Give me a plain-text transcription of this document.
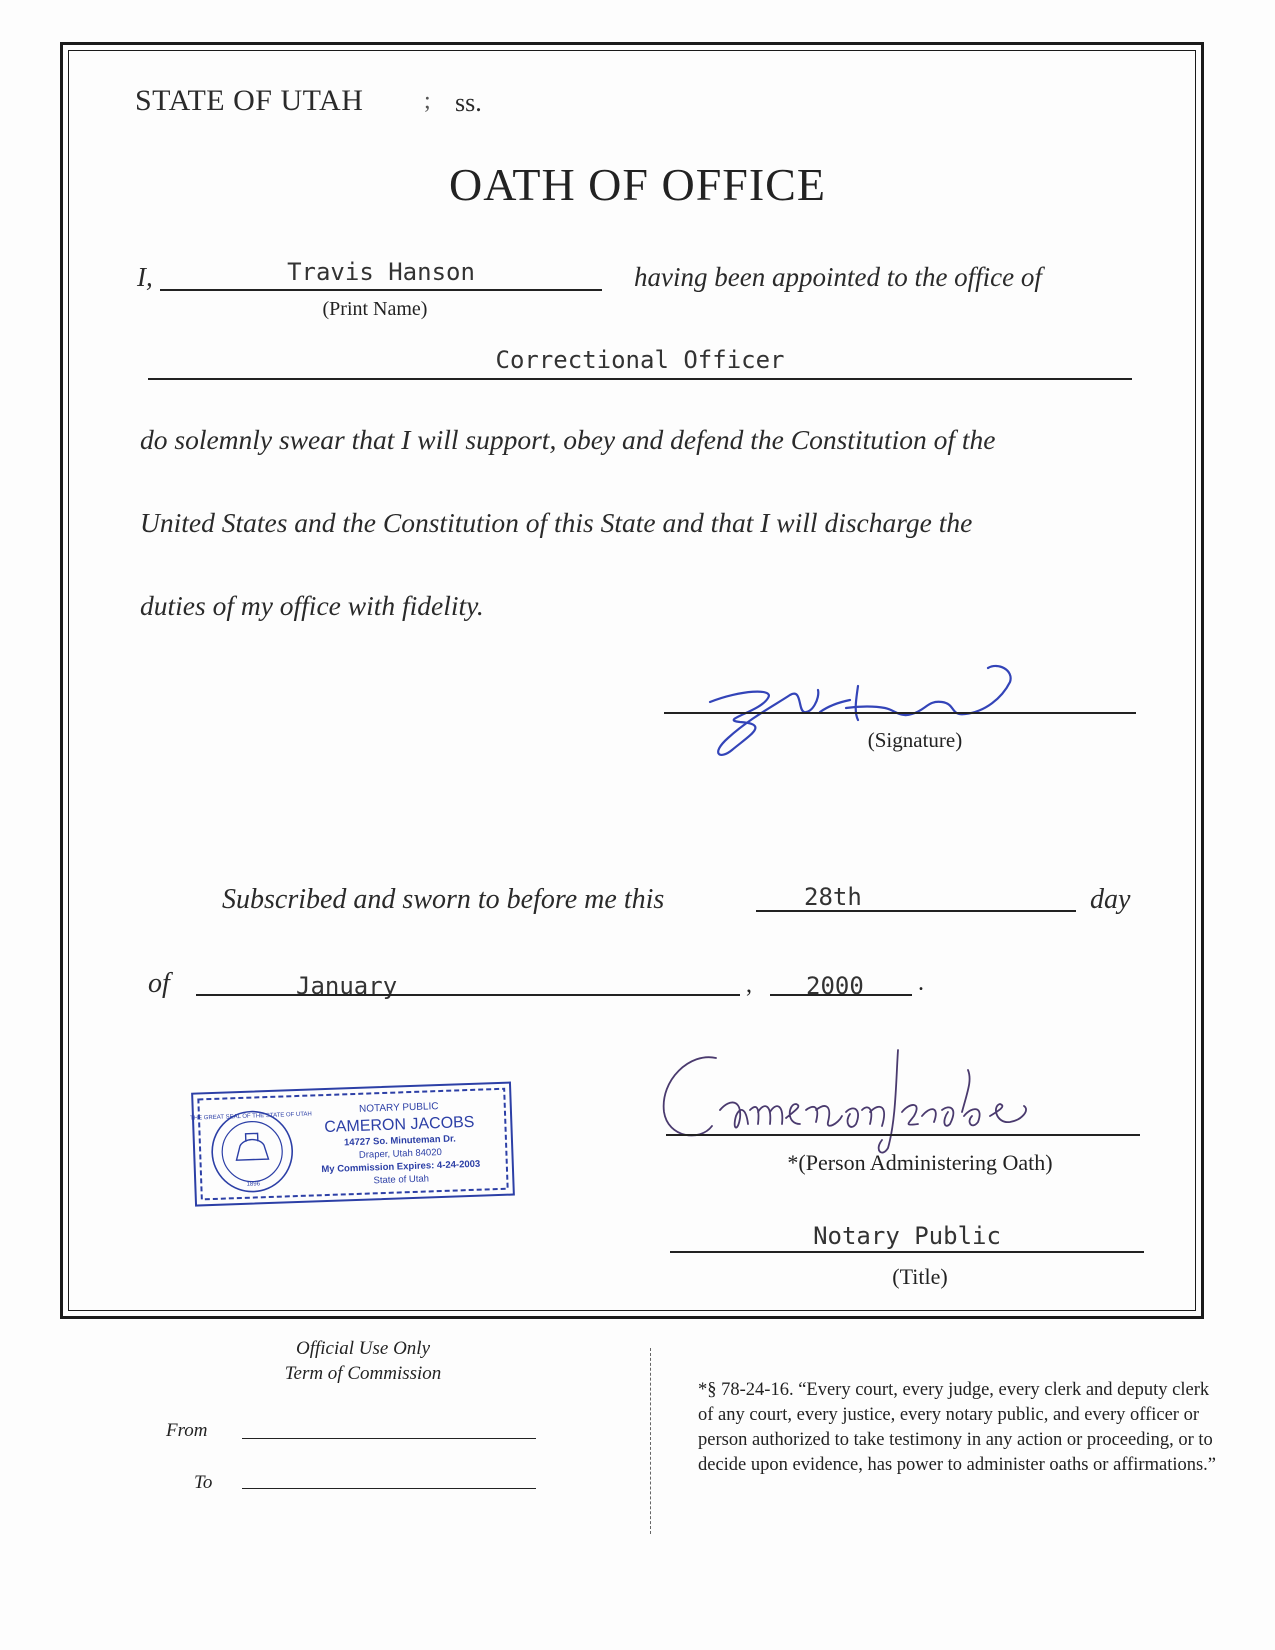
STATE OF UTAH	; ss.
OATH OF OFFICE
I,	Travis Hanson
(Print Name)
having been appointed to the office of
Correctional Officer
do solemnly swear that I will support, obey and defend the Constitution of the
United States and the Constitution of this State and that I will discharge the
duties of my office with fidelity.
(Signature)
Subscribed and sworn to before me this	28th	day
of	January	,	2000	.
THE GREAT SEAL OF THE STATE OF UTAH
1896
NOTARY PUBLIC
CAMERON JACOBS
14727 So. Minuteman Dr.
Draper, Utah 84020
My Commission Expires: 4-24-2003
State of Utah
*(Person Administering Oath)
Notary Public
(Title)
Official Use Only
Term of Commission
From
To
*§ 78-24-16. “Every court, every judge, every clerk and deputy clerk of any court, every justice, every notary public, and every officer or person authorized to take testimony in any action or proceeding, or to decide upon evidence, has power to administer oaths or affirmations.”
